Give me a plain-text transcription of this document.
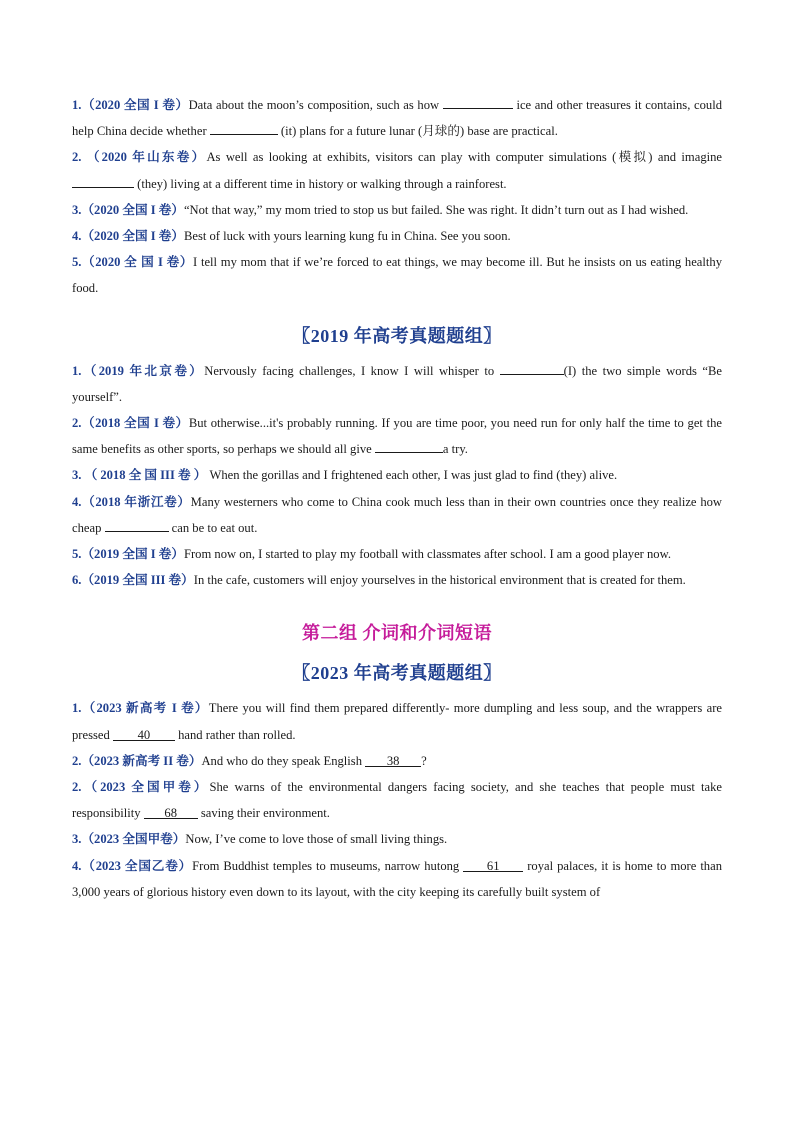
1.（2020 全国 I 卷）Data about the moon’s composition, such as how	ice and other treasures it contains, could help China decide whether	(it) plans for a future lunar (月球的) base are practical.

2. （2020 年山东卷）As well as looking at exhibits, visitors can play with computer simulations (模拟) and imagine  (they) living at a different time in history or walking through a rainforest.

3.（2020 全国 I 卷）“Not that way,” my mom tried to stop us but failed. She was right. It didn’t turn out as I had wished.

4.（2020 全国 I 卷）Best of luck with yours learning kung fu in China. See you soon.

5.（2020 全 国 I 卷）I tell my mom that if we’re forced to eat things, we may become ill. But he insists on us eating healthy food.

〖2019 年高考真题题组〗

1.（2019 年北京卷）Nervously facing challenges, I know I will whisper to	(I) the two simple words “Be yourself”.

2.（2018 全国 I 卷）But otherwise...it's probably running. If you are time poor, you need run for only half the time to get the same benefits as other sports, so perhaps we should all give	a try.

3. （ 2018 全 国 III 卷 ） When the gorillas and I frightened each other, I was just glad to find (they) alive.

4.（2018 年浙江卷）Many westerners who come to China cook much less than in their own countries once they realize how cheap	can be to eat out.

5.（2019 全国 I 卷）From now on, I started to play my football with classmates after school. I am a good player now.

6.（2019 全国 III 卷）In the cafe, customers will enjoy yourselves in the historical environment that is created for them.

第二组 介词和介词短语
〖2023 年高考真题题组〗

1.（2023 新高考 I 卷）There you will find them prepared differently- more dumpling and less soup, and the wrappers are pressed 40 hand rather than rolled.

2.（2023 新高考 II 卷）And who do they speak English 38 ?

2.（2023 全国甲卷）She warns of the environmental dangers facing society, and she teaches that people must take responsibility 68 saving their environment.

3.（2023 全国甲卷）Now, I’ve come to love those of small living things.

4.（2023 全国乙卷）From Buddhist temples to museums, narrow hutong 61 royal palaces, it is home to more than 3,000 years of glorious history even down to its layout, with the city keeping its carefully built system of
